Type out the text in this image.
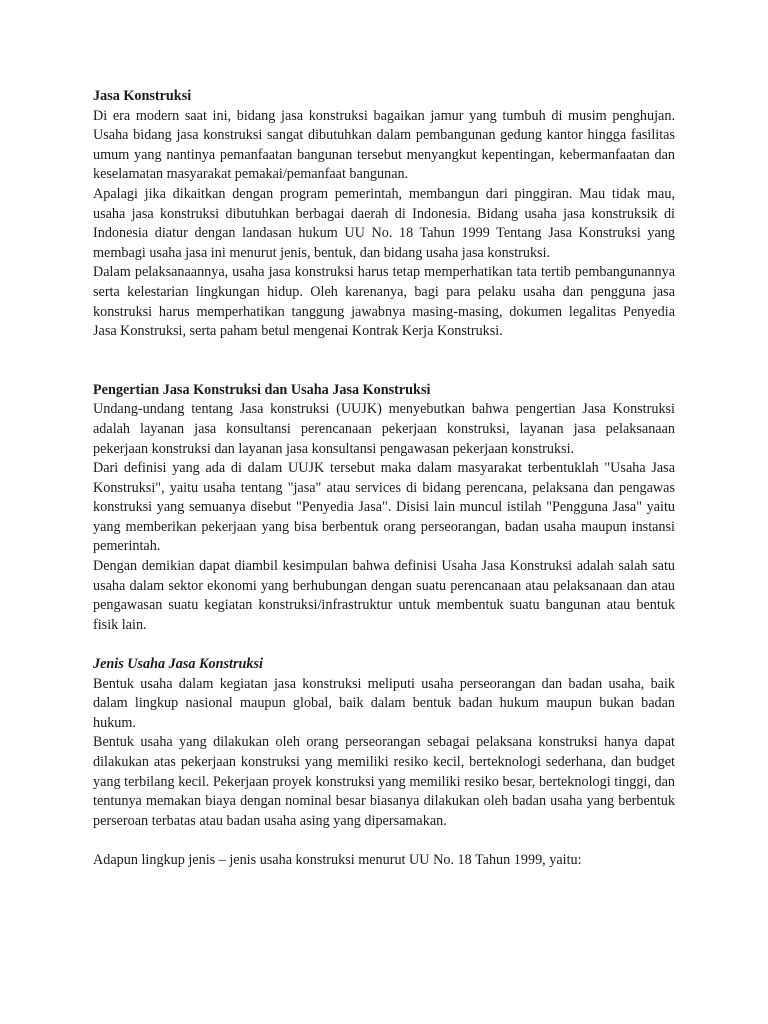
Jasa Konstruksi

Di era modern saat ini, bidang jasa konstruksi bagaikan jamur yang tumbuh di musim penghujan. Usaha bidang jasa konstruksi sangat dibutuhkan dalam pembangunan gedung kantor hingga fasilitas umum yang nantinya pemanfaatan bangunan tersebut menyangkut kepentingan, kebermanfaatan dan keselamatan masyarakat pemakai/pemanfaat bangunan.

Apalagi jika dikaitkan dengan program pemerintah, membangun dari pinggiran. Mau tidak mau, usaha jasa konstruksi dibutuhkan berbagai daerah di Indonesia. Bidang usaha jasa konstruksik di Indonesia diatur dengan landasan hukum UU No. 18 Tahun 1999 Tentang Jasa Konstruksi yang membagi usaha jasa ini menurut jenis, bentuk, dan bidang usaha jasa konstruksi.

Dalam pelaksanaannya, usaha jasa konstruksi harus tetap memperhatikan tata tertib pembangunannya serta kelestarian lingkungan hidup. Oleh karenanya, bagi para pelaku usaha dan pengguna jasa konstruksi harus memperhatikan tanggung jawabnya masing-masing, dokumen legalitas Penyedia Jasa Konstruksi, serta paham betul mengenai Kontrak Kerja Konstruksi.

Pengertian Jasa Konstruksi dan Usaha Jasa Konstruksi

Undang-undang tentang Jasa konstruksi (UUJK) menyebutkan bahwa pengertian Jasa Konstruksi adalah layanan jasa konsultansi perencanaan pekerjaan konstruksi, layanan jasa pelaksanaan pekerjaan konstruksi dan layanan jasa konsultansi pengawasan pekerjaan konstruksi.

Dari definisi yang ada di dalam UUJK tersebut maka dalam masyarakat terbentuklah "Usaha Jasa Konstruksi", yaitu usaha tentang "jasa" atau services di bidang perencana, pelaksana dan pengawas konstruksi yang semuanya disebut "Penyedia Jasa". Disisi lain muncul istilah "Pengguna Jasa" yaitu yang memberikan pekerjaan yang bisa berbentuk orang perseorangan, badan usaha maupun instansi pemerintah.

Dengan demikian dapat diambil kesimpulan bahwa definisi Usaha Jasa Konstruksi adalah salah satu usaha dalam sektor ekonomi yang berhubungan dengan suatu perencanaan atau pelaksanaan dan atau pengawasan suatu kegiatan konstruksi/infrastruktur untuk membentuk suatu bangunan atau bentuk fisik lain.

Jenis Usaha Jasa Konstruksi

Bentuk usaha dalam kegiatan jasa konstruksi meliputi usaha perseorangan dan badan usaha, baik dalam lingkup nasional maupun global, baik dalam bentuk badan hukum maupun bukan badan hukum.

Bentuk usaha yang dilakukan oleh orang perseorangan sebagai pelaksana konstruksi hanya dapat dilakukan atas pekerjaan konstruksi yang memiliki resiko kecil, berteknologi sederhana, dan budget yang terbilang kecil. Pekerjaan proyek konstruksi yang memiliki resiko besar, berteknologi tinggi, dan tentunya memakan biaya dengan nominal besar biasanya dilakukan oleh badan usaha yang berbentuk perseroan terbatas atau badan usaha asing yang dipersamakan.

Adapun lingkup jenis – jenis usaha konstruksi menurut UU No. 18 Tahun 1999, yaitu:
